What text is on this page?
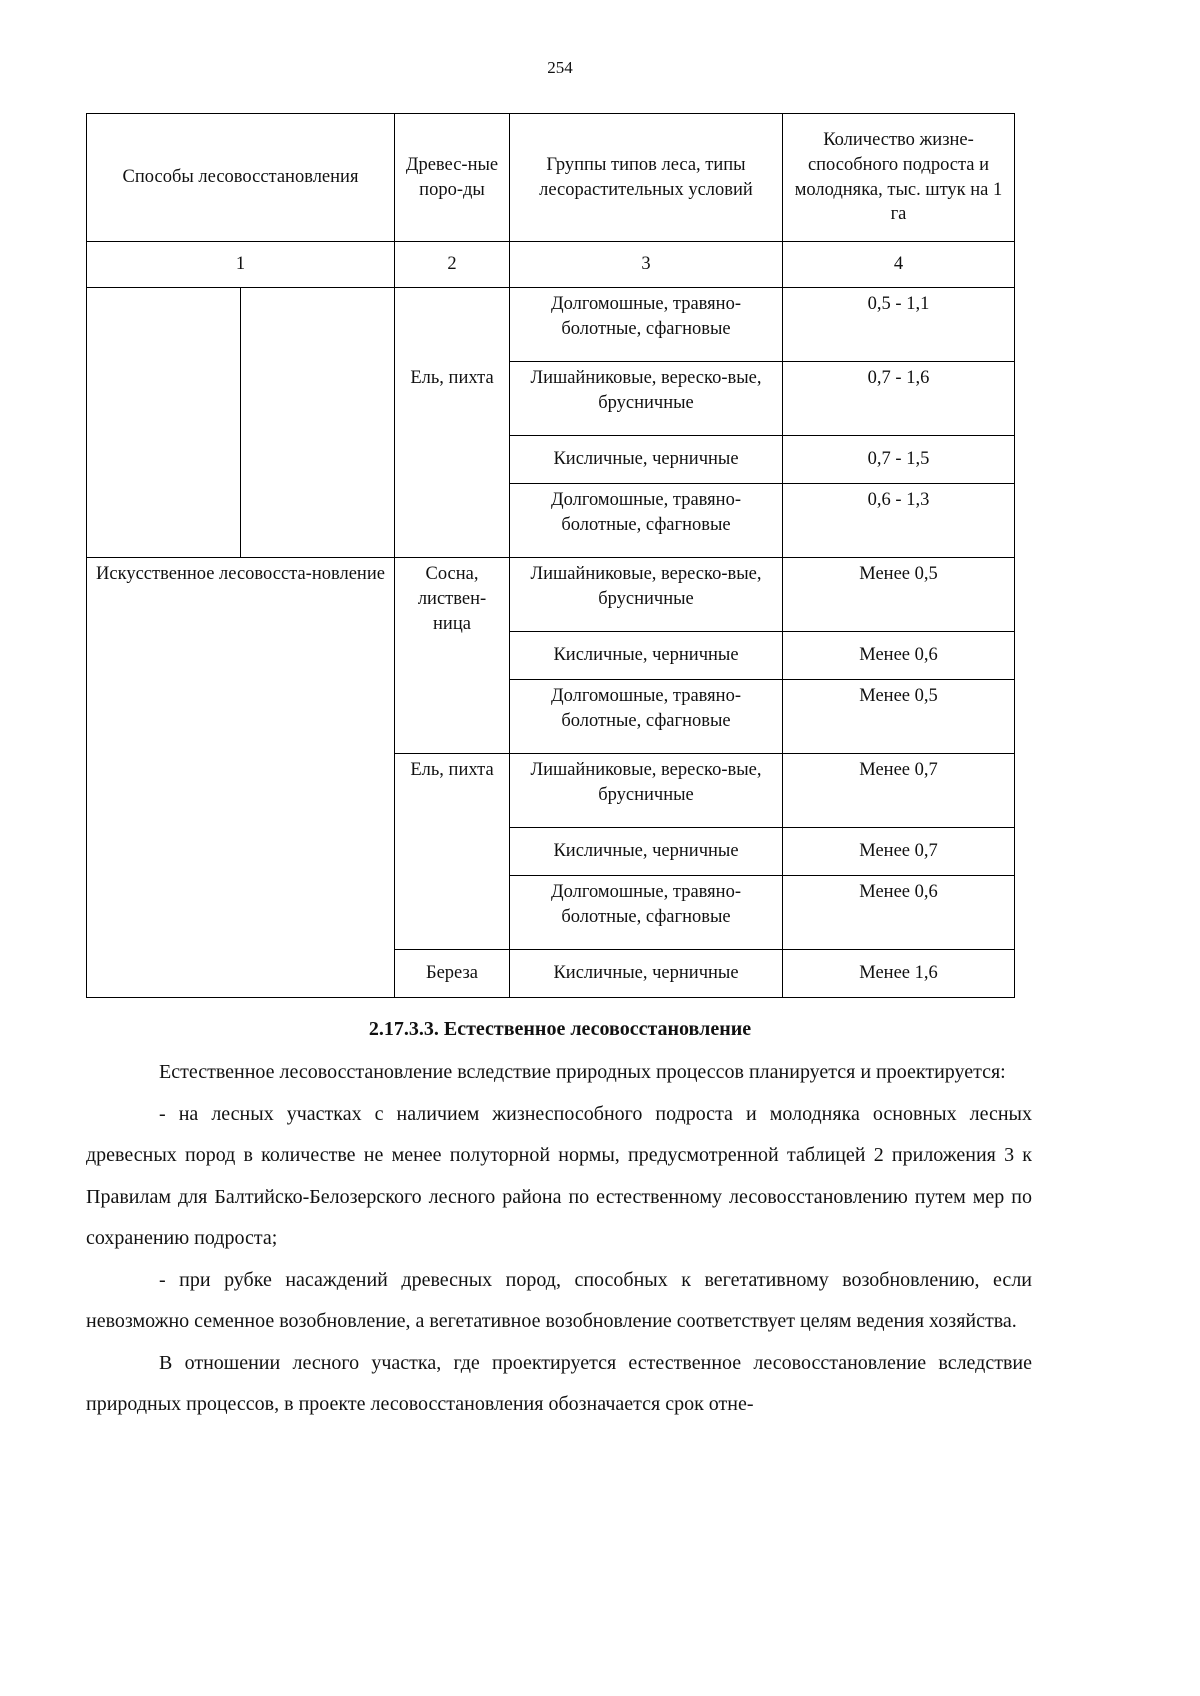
254
Способы лесовосстановления		Древес-ные поро-ды	Группы типов леса, типы лесорастительных условий	Количество жизне-способного подроста и молодняка, тыс. штук на 1 га
1		2	3	4
			Долгомошные, травяно-болотные, сфагновые	0,5 - 1,1
		Ель, пихта	Лишайниковые, вереско-вые, брусничные	0,7 - 1,6
			Кисличные, черничные	0,7 - 1,5
			Долгомошные, травяно-болотные, сфагновые	0,6 - 1,3
Искусственное лесовосста-новление		Сосна, листвен-ница	Лишайниковые, вереско-вые, брусничные	Менее 0,5
			Кисличные, черничные	Менее 0,6
			Долгомошные, травяно-болотные, сфагновые	Менее 0,5
		Ель, пихта	Лишайниковые, вереско-вые, брусничные	Менее 0,7
			Кисличные, черничные	Менее 0,7
			Долгомошные, травяно-болотные, сфагновые	Менее 0,6
		Береза	Кисличные, черничные	Менее 1,6
2.17.3.3. Естественное лесовосстановление

Естественное лесовосстановление вследствие природных процессов планируется и проектируется:

- на лесных участках с наличием жизнеспособного подроста и молодняка основных лесных древесных пород в количестве не менее полуторной нормы, предусмотренной таблицей 2 приложения 3 к Правилам для Балтийско-Белозерского лесного района по естественному лесовосстановлению путем мер по сохранению подроста;

- при рубке насаждений древесных пород, способных к вегетативному возобновлению, если невозможно семенное возобновление, а вегетативное возобновление соответствует целям ведения хозяйства.

В отношении лесного участка, где проектируется естественное лесовосстановление вследствие природных процессов, в проекте лесовосстановления обозначается срок отне-
